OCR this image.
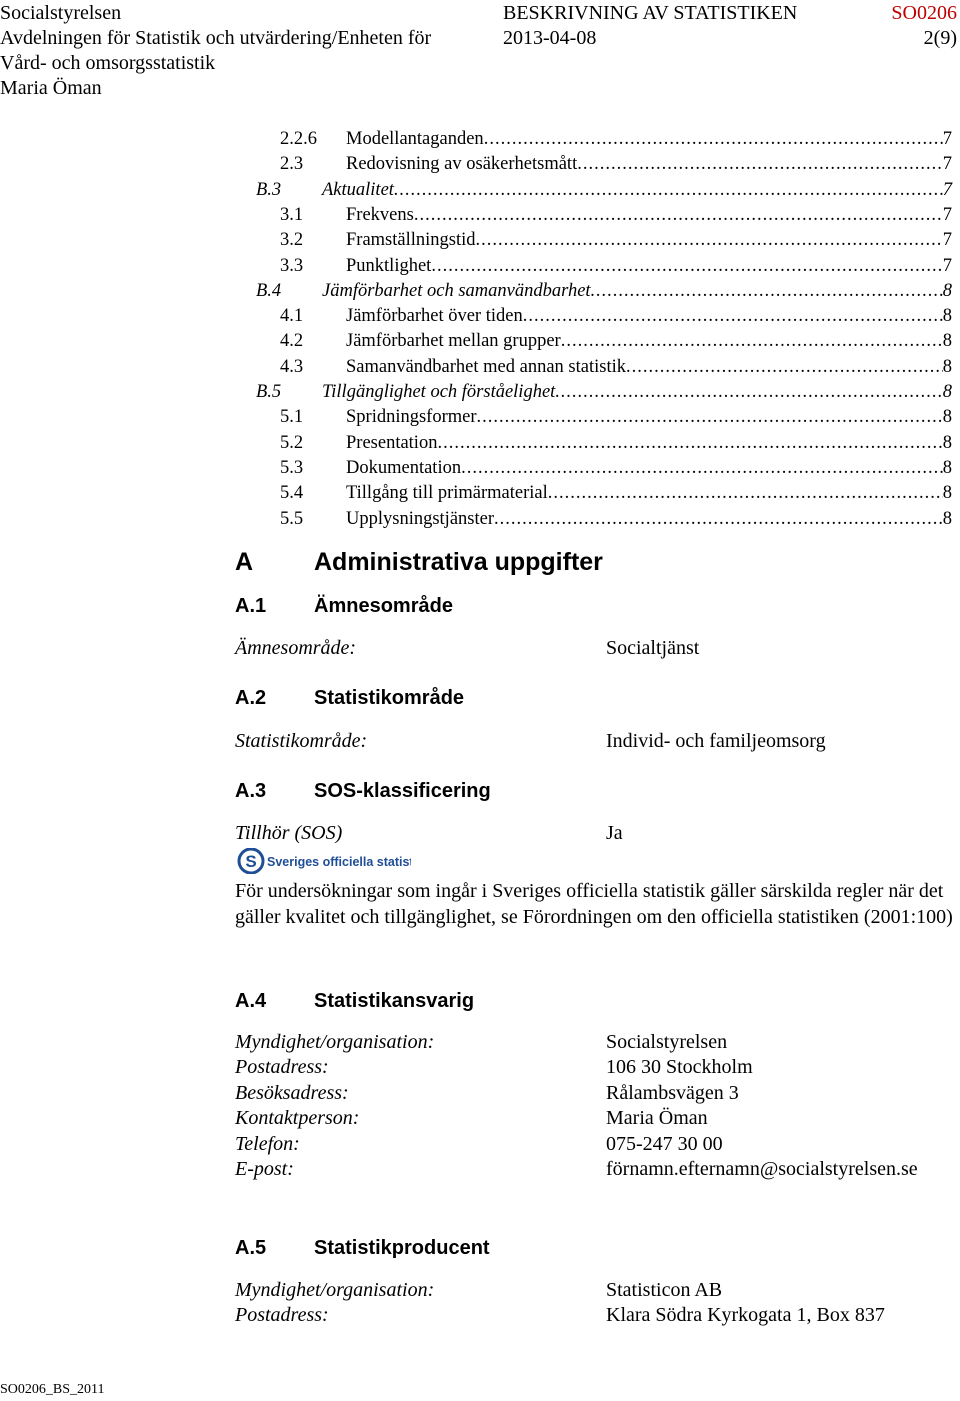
Socialstyrelsen
Avdelningen för Statistik och utvärdering/Enheten för
Vård- och omsorgsstatistik
Maria Öman
BESKRIVNING AV STATISTIKEN	SO0206
2013-04-08	2(9)
2.2.6	Modellantaganden .....	7
2.3	Redovisning av osäkerhetsmått .....	7
B.3	Aktualitet .....	7
3.1	Frekvens .....	7
3.2	Framställningstid .....	7
3.3	Punktlighet .....	7
B.4	Jämförbarhet och samanvändbarhet .....	8
4.1	Jämförbarhet över tiden .....	8
4.2	Jämförbarhet mellan grupper .....	8
4.3	Samanvändbarhet med annan statistik .....	8
B.5	Tillgänglighet och förståelighet .....	8
5.1	Spridningsformer .....	8
5.2	Presentation .....	8
5.3	Dokumentation .....	8
5.4	Tillgång till primärmaterial .....	8
5.5	Upplysningstjänster .....	8
A Administrativa uppgifter
A.1 Ämnesområde
Ämnesområde:	Socialtjänst
A.2 Statistikområde
Statistikområde:	Individ- och familjeomsorg
A.3 SOS-klassificering
Tillhör (SOS)	Ja
S Sveriges officiella statistik
För undersökningar som ingår i Sveriges officiella statistik gäller särskilda regler när det gäller kvalitet och tillgänglighet, se Förordningen om den officiella statistiken (2001:100)
A.4 Statistikansvarig
Myndighet/organisation:	Socialstyrelsen
Postadress:	106 30 Stockholm
Besöksadress:	Rålambsvägen 3
Kontaktperson:	Maria Öman
Telefon:	075-247 30 00
E-post:	förnamn.efternamn@socialstyrelsen.se
A.5 Statistikproducent
Myndighet/organisation:	Statisticon AB
Postadress:	Klara Södra Kyrkogata 1, Box 837
SO0206_BS_2011
